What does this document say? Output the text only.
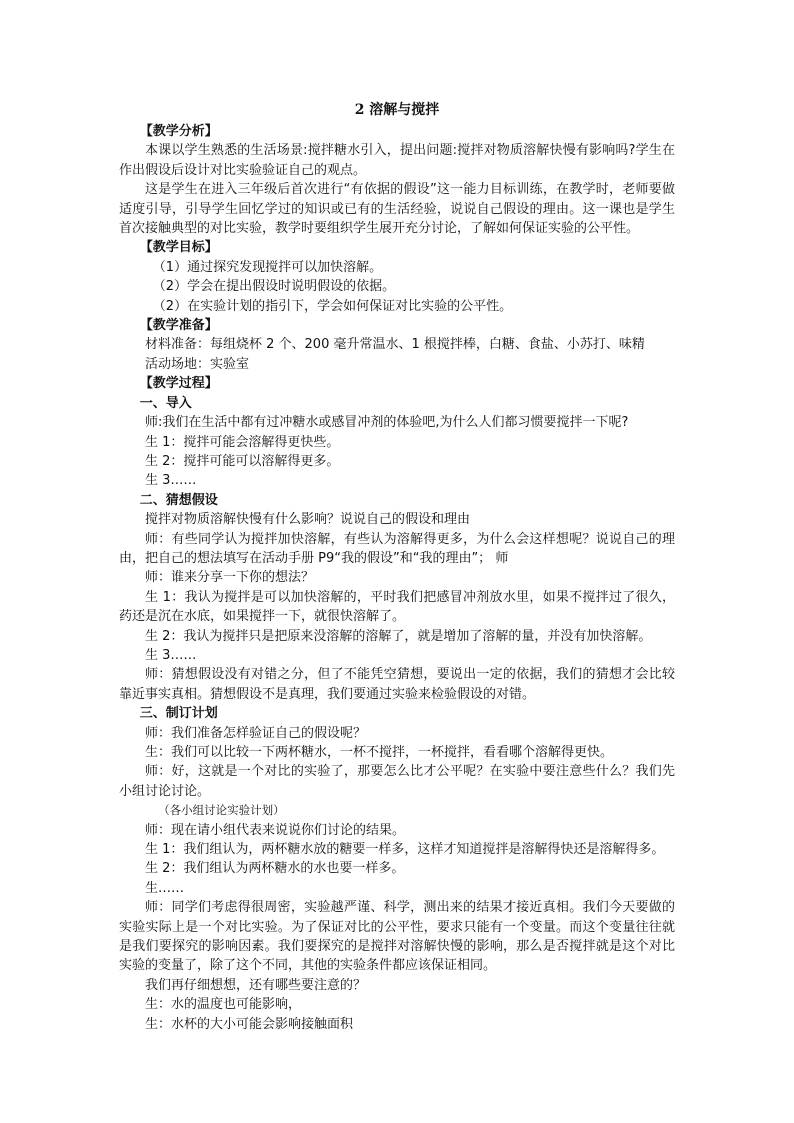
2 溶解与搅拌
【教学分析】
本课以学生熟悉的生活场景:搅拌糖水引入，提出问题:搅拌对物质溶解快慢有影响吗?学生在作出假设后设计对比实验验证自己的观点。
这是学生在进入三年级后首次进行“有依据的假设”这一能力目标训练，在教学时，老师要做适度引导，引导学生回忆学过的知识或已有的生活经验，说说自己假设的理由。这一课也是学生首次接触典型的对比实验，教学时要组织学生展开充分讨论，了解如何保证实验的公平性。
【教学目标】
（1）通过探究发现搅拌可以加快溶解。
（2）学会在提出假设时说明假设的依据。
（2）在实验计划的指引下，学会如何保证对比实验的公平性。
【教学准备】
材料准备：每组烧杯 2 个、200 毫升常温水、1 根搅拌棒，白糖、食盐、小苏打、味精
活动场地：实验室
【教学过程】
一、导入
师:我们在生活中都有过冲糖水或感冒冲剂的体验吧,为什么人们都习惯要搅拌一下呢?
生 1：搅拌可能会溶解得更快些。
生 2：搅拌可能可以溶解得更多。
生 3……
二、猜想假设
搅拌对物质溶解快慢有什么影响？说说自己的假设和理由
师：有些同学认为搅拌加快溶解，有些认为溶解得更多，为什么会这样想呢？说说自己的理由，把自己的想法填写在活动手册 P9“我的假设”和“我的理由”； 师
师：谁来分享一下你的想法？
生 1：我认为搅拌是可以加快溶解的，平时我们把感冒冲剂放水里，如果不搅拌过了很久，药还是沉在水底，如果搅拌一下，就很快溶解了。
生 2：我认为搅拌只是把原来没溶解的溶解了，就是增加了溶解的量，并没有加快溶解。
生 3……
师：猜想假设没有对错之分，但了不能凭空猜想，要说出一定的依据，我们的猜想才会比较靠近事实真相。猜想假设不是真理，我们要通过实验来检验假设的对错。
三、制订计划
师：我们准备怎样验证自己的假设呢？
生：我们可以比较一下两杯糖水，一杯不搅拌，一杯搅拌，看看哪个溶解得更快。
师：好，这就是一个对比的实验了，那要怎么比才公平呢？在实验中要注意些什么？我们先小组讨论讨论。
（各小组讨论实验计划）
师：现在请小组代表来说说你们讨论的结果。
生 1：我们组认为，两杯糖水放的糖要一样多，这样才知道搅拌是溶解得快还是溶解得多。
生 2：我们组认为两杯糖水的水也要一样多。
生……
师：同学们考虑得很周密，实验越严谨、科学，测出来的结果才接近真相。我们今天要做的实验实际上是一个对比实验。为了保证对比的公平性，要求只能有一个变量。而这个变量往往就是我们要探究的影响因素。我们要探究的是搅拌对溶解快慢的影响，那么是否搅拌就是这个对比实验的变量了，除了这个不同，其他的实验条件都应该保证相同。
我们再仔细想想，还有哪些要注意的？
生：水的温度也可能影响，
生：水杯的大小可能会影响接触面积
